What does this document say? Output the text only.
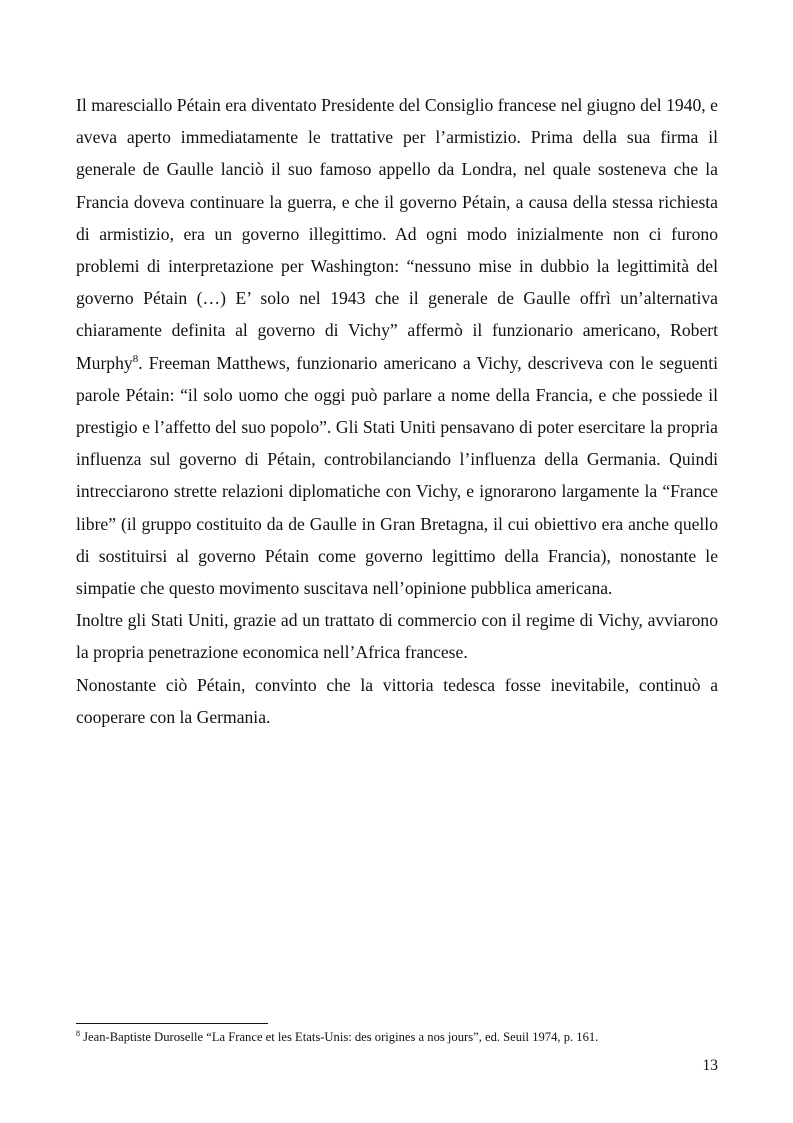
Il maresciallo Pétain era diventato Presidente del Consiglio francese nel giugno del 1940, e aveva aperto immediatamente le trattative per l’armistizio. Prima della sua firma il generale de Gaulle lanciò il suo famoso appello da Londra, nel quale sosteneva che la Francia doveva continuare la guerra, e che il governo Pétain, a causa della stessa richiesta di armistizio, era un governo illegittimo. Ad ogni modo inizialmente non ci furono problemi di interpretazione per Washington: “nessuno mise in dubbio la legittimità del governo Pétain (…) E’ solo nel 1943 che il generale de Gaulle offrì un’alternativa chiaramente definita al governo di Vichy” affermò il funzionario americano, Robert Murphy$^8$. Freeman Matthews, funzionario americano a Vichy, descriveva con le seguenti parole Pétain: “il solo uomo che oggi può parlare a nome della Francia, e che possiede il prestigio e l’affetto del suo popolo”. Gli Stati Uniti pensavano di poter esercitare la propria influenza sul governo di Pétain, controbilanciando l’influenza della Germania. Quindi intrecciarono strette relazioni diplomatiche con Vichy, e ignorarono largamente la “France libre” (il gruppo costituito da de Gaulle in Gran Bretagna, il cui obiettivo era anche quello di sostituirsi al governo Pétain come governo legittimo della Francia), nonostante le simpatie che questo movimento suscitava nell’opinione pubblica americana.

Inoltre gli Stati Uniti, grazie ad un trattato di commercio con il regime di Vichy, avviarono la propria penetrazione economica nell’Africa francese.

Nonostante ciò Pétain, convinto che la vittoria tedesca fosse inevitabile, continuò a cooperare con la Germania.

$^8$ Jean-Baptiste Duroselle “La France et les Etats-Unis: des origines a nos jours”, ed. Seuil 1974, p. 161.
13
